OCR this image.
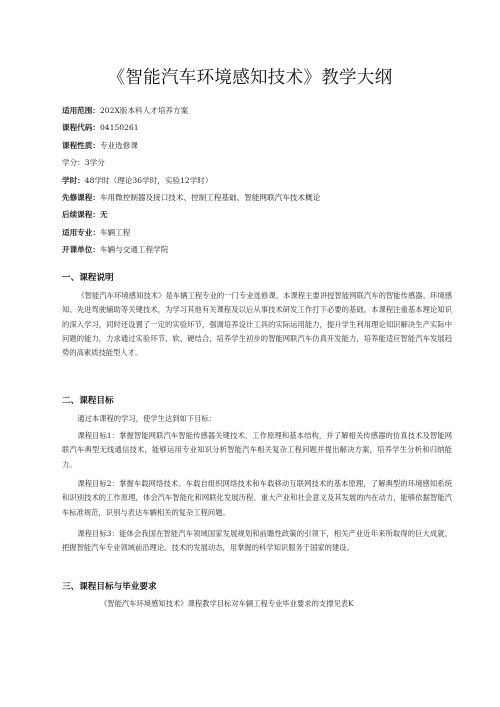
《智能汽车环境感知技术》教学大纲
适用范围：202X版本科人才培养方案
课程代码：04150261
课程性质：专业选修课
学分：3学分
学时：48学时（理论36学时，实验12学时）
先修课程：车用微控制器及接口技术、控制工程基础、智能网联汽车技术概论
后续课程：无
适用专业：车辆工程
开课单位：车辆与交通工程学院
一、课程说明
《智能汽车环境感知技术》是车辆工程专业的一门专业选修课。本课程主要讲授智能网联汽车的智能传感器、环境感知、先进驾驶辅助等关键技术，为学习其他有关课程及以后从事技术研发工作打下必要的基础。本课程注重基本理论知识的深入学习，同时还设置了一定的实验环节，强调培养设计工具的实际运用能力，提升学生利用理论知识解决生产实际中问题的能力，力求通过实验环节、软、硬结合，培养学生初步的智能网联汽车仿真开发能力，培养能适应智能汽车发展趋势的高素质技能型人才。
二、课程目标
通过本课程的学习，使学生达到如下目标：
课程目标1：掌握智能网联汽车智能传感器关键技术、工作原理和基本结构，并了解相关传感器的仿真技术及智能网联汽车典型无线通信技术，能够运用专业知识分析智能汽车相关复杂工程问题并提出解决方案，培养学生分析和归纳能力。
课程目标2：掌握车载网络技术、车载自组织网络技术和车载移动互联网技术的基本原理，了解典型的环境感知系统和识别技术的工作原理，体会汽车智能化和网联化发展历程、重大产业和社会意义及其发展的内在动力，能够依据智能汽车标准规范，识别与表达车辆相关的复杂工程问题。
课程目标3：能体会我国在智能汽车领域国家发展规划和前瞻性政策的引领下，相关产业近年来所取得的巨大成就，把握智能汽车专业领域前沿理论、技术的发展动态，用掌握的科学知识服务于国家的建设。
三、课程目标与毕业要求
《智能汽车环境感知技术》课程教学目标对车辆工程专业毕业要求的支撑见表K
